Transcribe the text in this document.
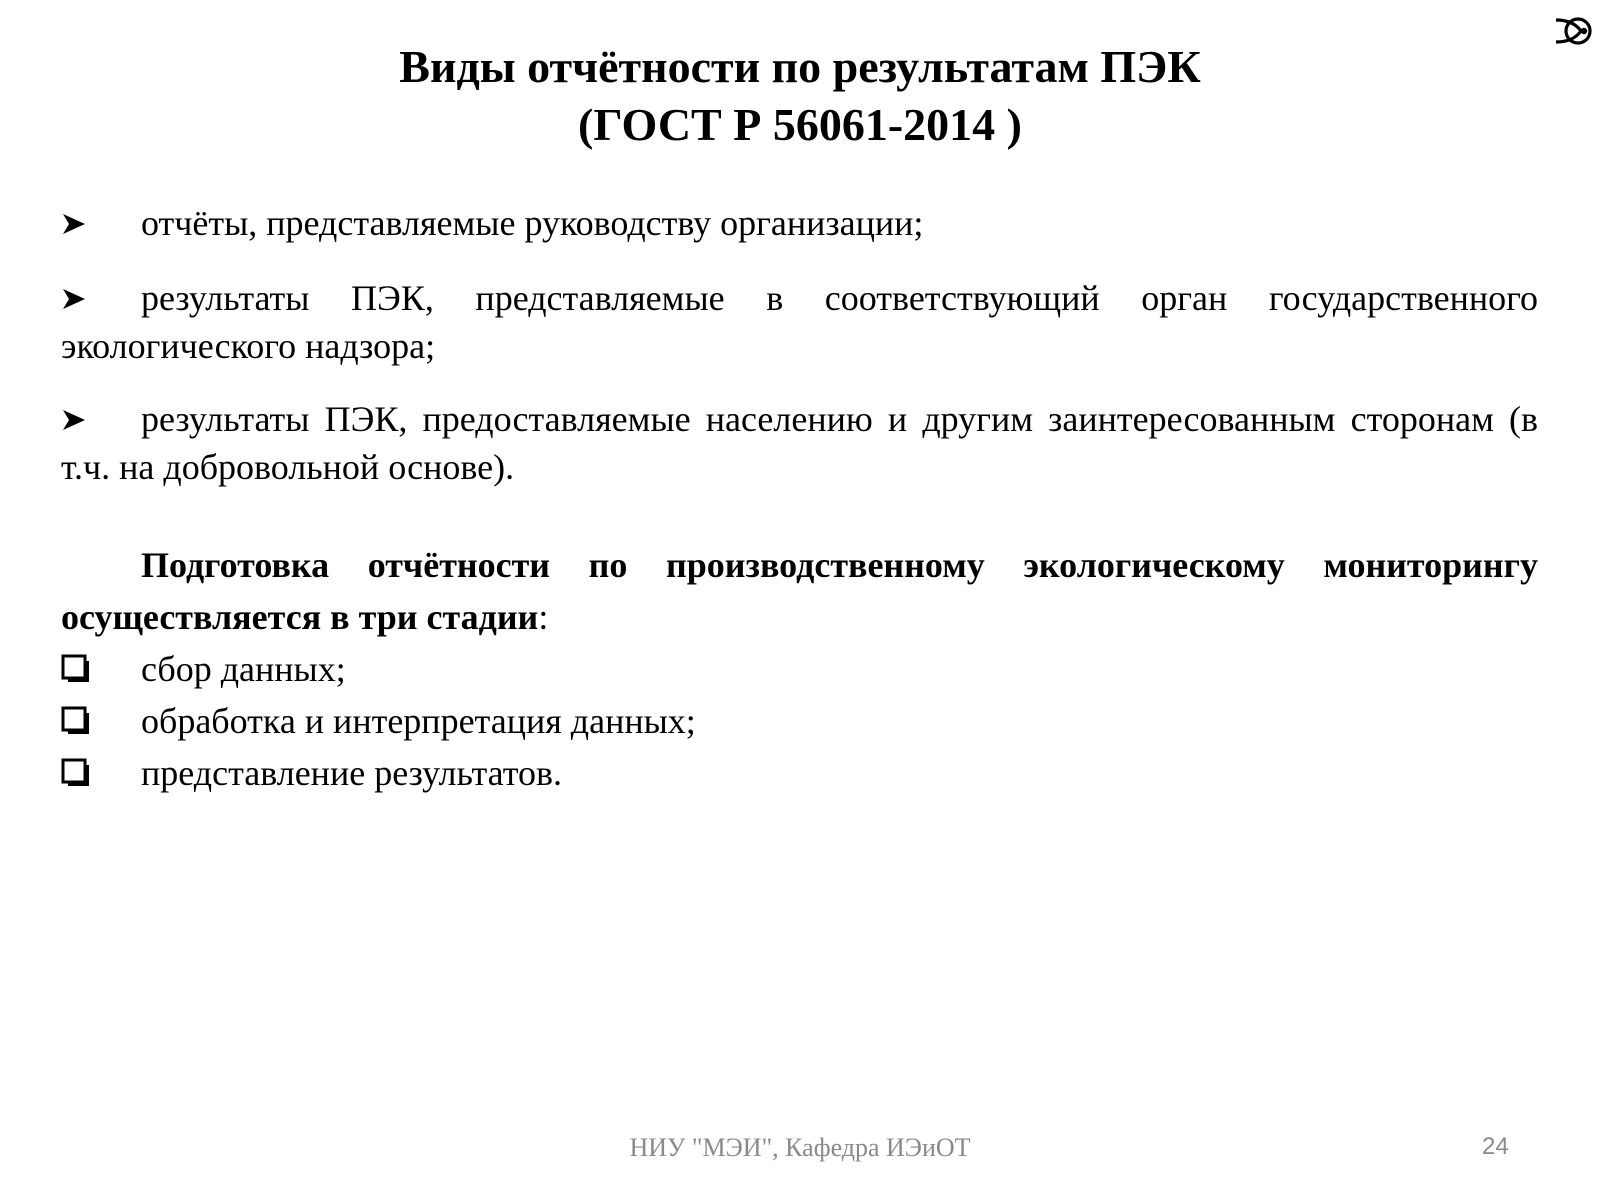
Виды отчётности по результатам ПЭК
(ГОСТ Р 56061-2014 )
отчёты, представляемые руководству организации;
результаты ПЭК, представляемые в соответствующий орган государственного экологического надзора;
результаты ПЭК, предоставляемые населению и другим заинтересованным сторонам (в т.ч. на добровольной основе).
Подготовка отчётности по производственному экологическому мониторингу осуществляется в три стадии:
сбор данных;
обработка и интерпретация данных;
представление результатов.
НИУ "МЭИ", Кафедра ИЭиОТ	24
